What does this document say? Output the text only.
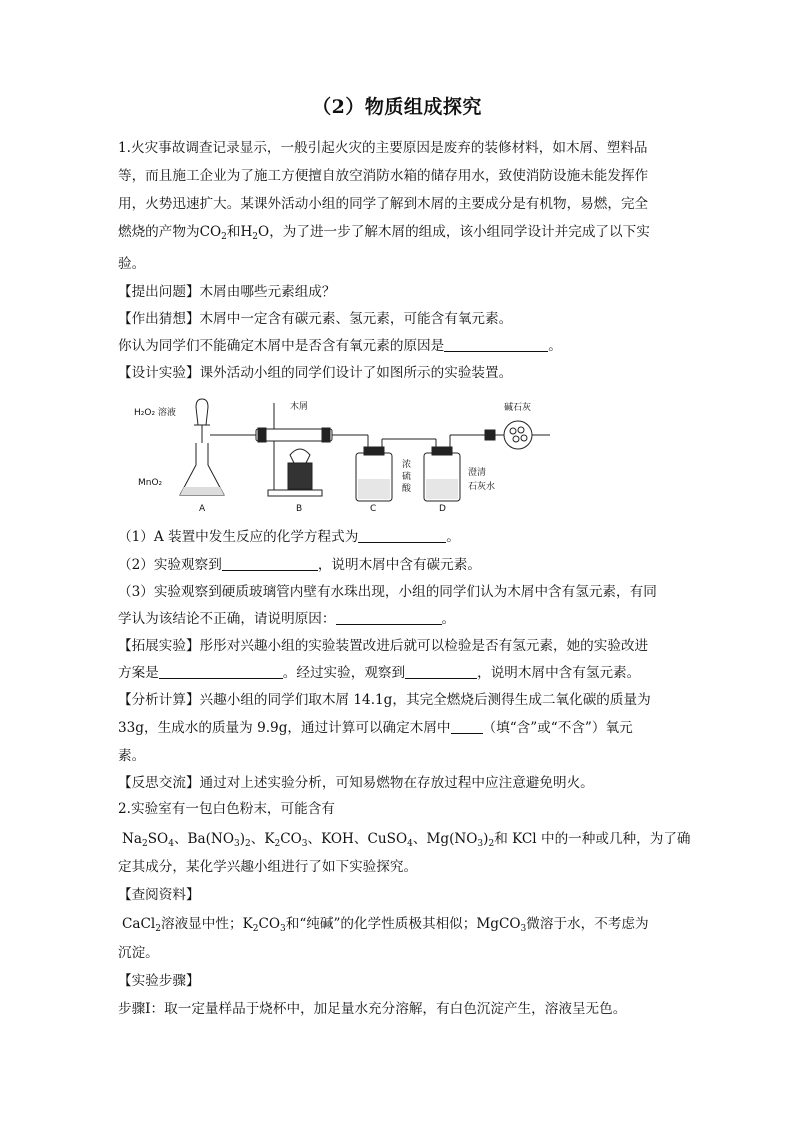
（2）物质组成探究
1.火灾事故调查记录显示，一般引起火灾的主要原因是废弃的装修材料，如木屑、塑料品
等，而且施工企业为了施工方便擅自放空消防水箱的储存用水，致使消防设施未能发挥作
用，火势迅速扩大。某课外活动小组的同学了解到木屑的主要成分是有机物，易燃，完全
燃烧的产物为$CO_2$和$H_2O$，为了进一步了解木屑的组成，该小组同学设计并完成了以下实
验。
【提出问题】木屑由哪些元素组成？
【作出猜想】木屑中一定含有碳元素、氢元素，可能含有氧元素。
你认为同学们不能确定木屑中是否含有氧元素的原因是	。
【设计实验】课外活动小组的同学们设计了如图所示的实验装置。
H₂O₂ 溶液
MnO₂
木屑	碱石灰
浓
硫
酸
澄清
石灰水
A	B	C	D
（1）A 装置中发生反应的化学方程式为	。
（2）实验观察到	，说明木屑中含有碳元素。
（3）实验观察到硬质玻璃管内壁有水珠出现，小组的同学们认为木屑中含有氢元素，有同
学认为该结论不正确，请说明原因：	。
【拓展实验】彤彤对兴趣小组的实验装置改进后就可以检验是否有氢元素，她的实验改进
方案是	。经过实验，观察到	，说明木屑中含有氢元素。
【分析计算】兴趣小组的同学们取木屑 14.1g，其完全燃烧后测得生成二氧化碳的质量为
33g，生成水的质量为 9.9g，通过计算可以确定木屑中 （填“含”或“不含”）氧元
素。
【反思交流】通过对上述实验分析，可知易燃物在存放过程中应注意避免明火。
2.实验室有一包白色粉末，可能含有
$Na_2SO_4$、$Ba(NO_3)_2$、$K_2CO_3$、KOH、CuSO$_4$、$Mg(NO_3)_2$和 KCl 中的一种或几种，为了确
定其成分，某化学兴趣小组进行了如下实验探究。
【查阅资料】
CaCl$_2$溶液显中性；$K_2CO_3$和“纯碱”的化学性质极其相似；MgCO$_3$微溶于水，不考虑为
沉淀。
【实验步骤】
步骤Ⅰ：取一定量样品于烧杯中，加足量水充分溶解，有白色沉淀产生，溶液呈无色。
